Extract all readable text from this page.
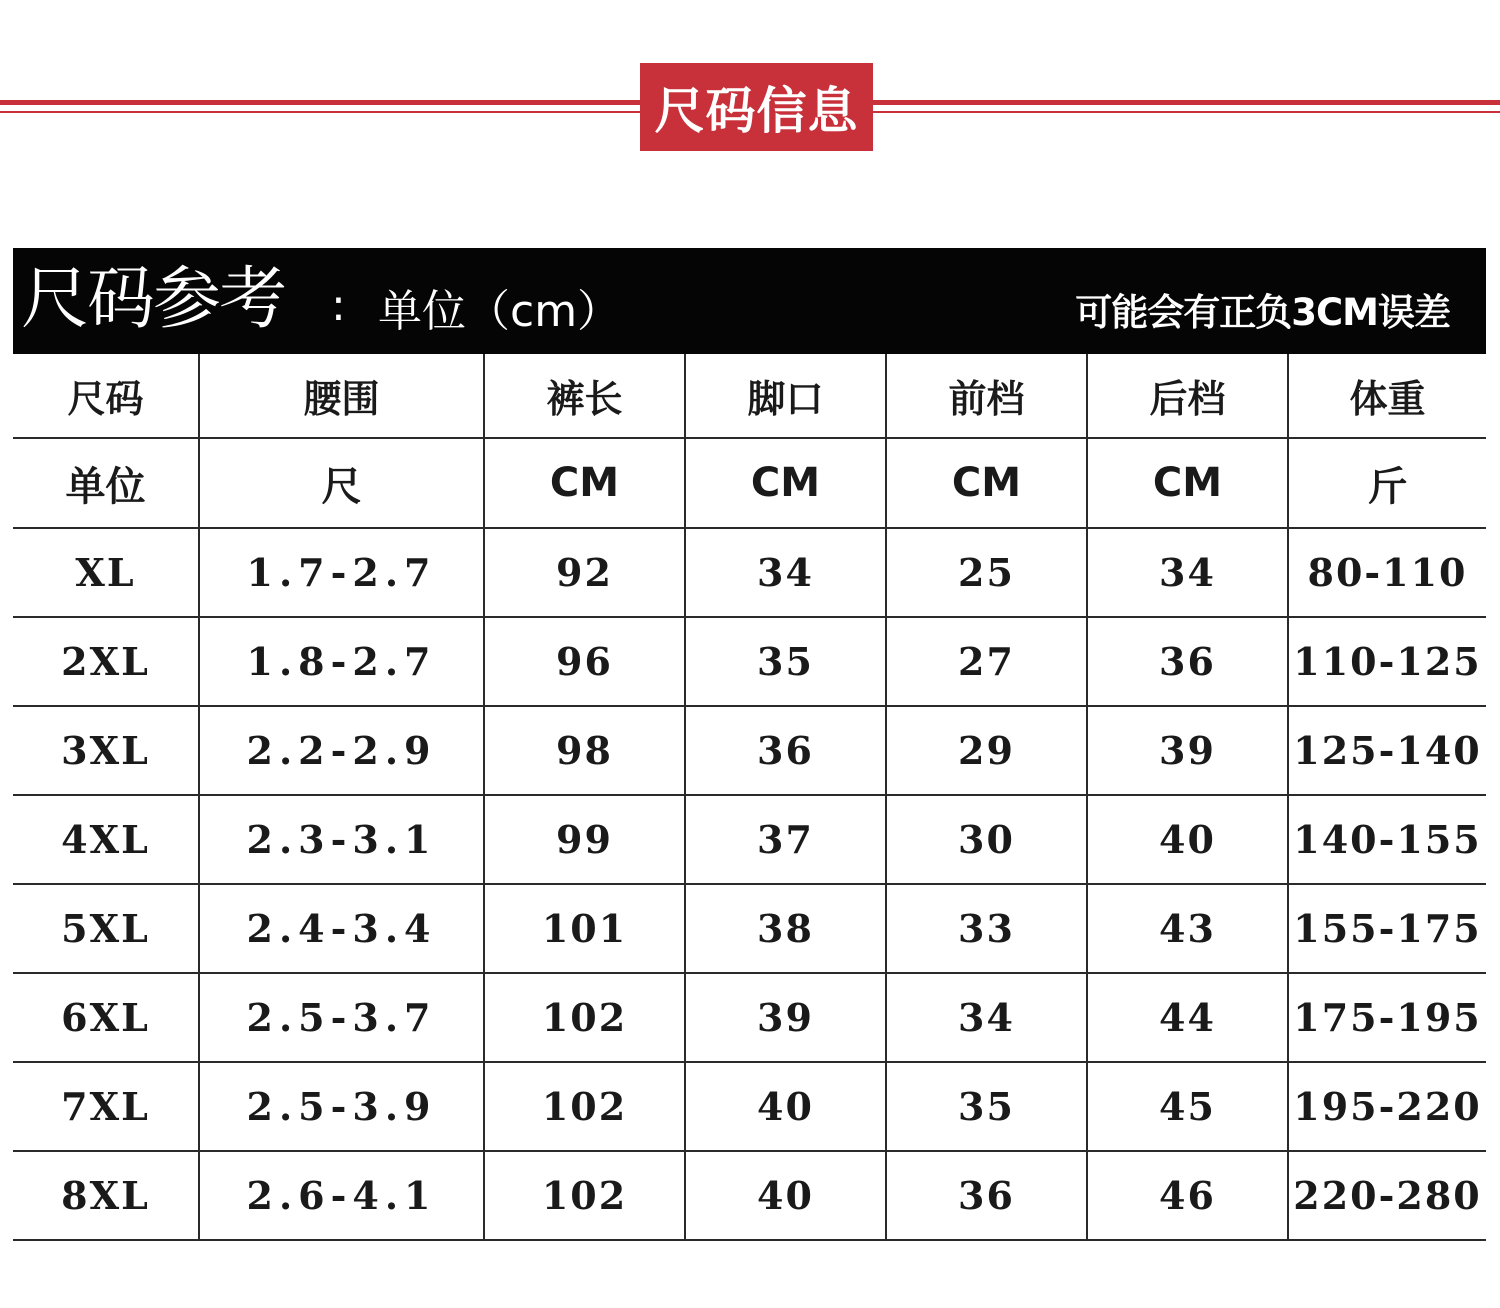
尺码信息
尺码参考 : 单位（cm）	可能会有正负3CM误差
尺码	腰围	裤长	脚口	前档	后档	体重
单位	尺	CM	CM	CM	CM	斤
XL	1.7-2.7	92	34	25	34	80-110
2XL	1.8-2.7	96	35	27	36	110-125
3XL	2.2-2.9	98	36	29	39	125-140
4XL	2.3-3.1	99	37	30	40	140-155
5XL	2.4-3.4	101	38	33	43	155-175
6XL	2.5-3.7	102	39	34	44	175-195
7XL	2.5-3.9	102	40	35	45	195-220
8XL	2.6-4.1	102	40	36	46	220-280
